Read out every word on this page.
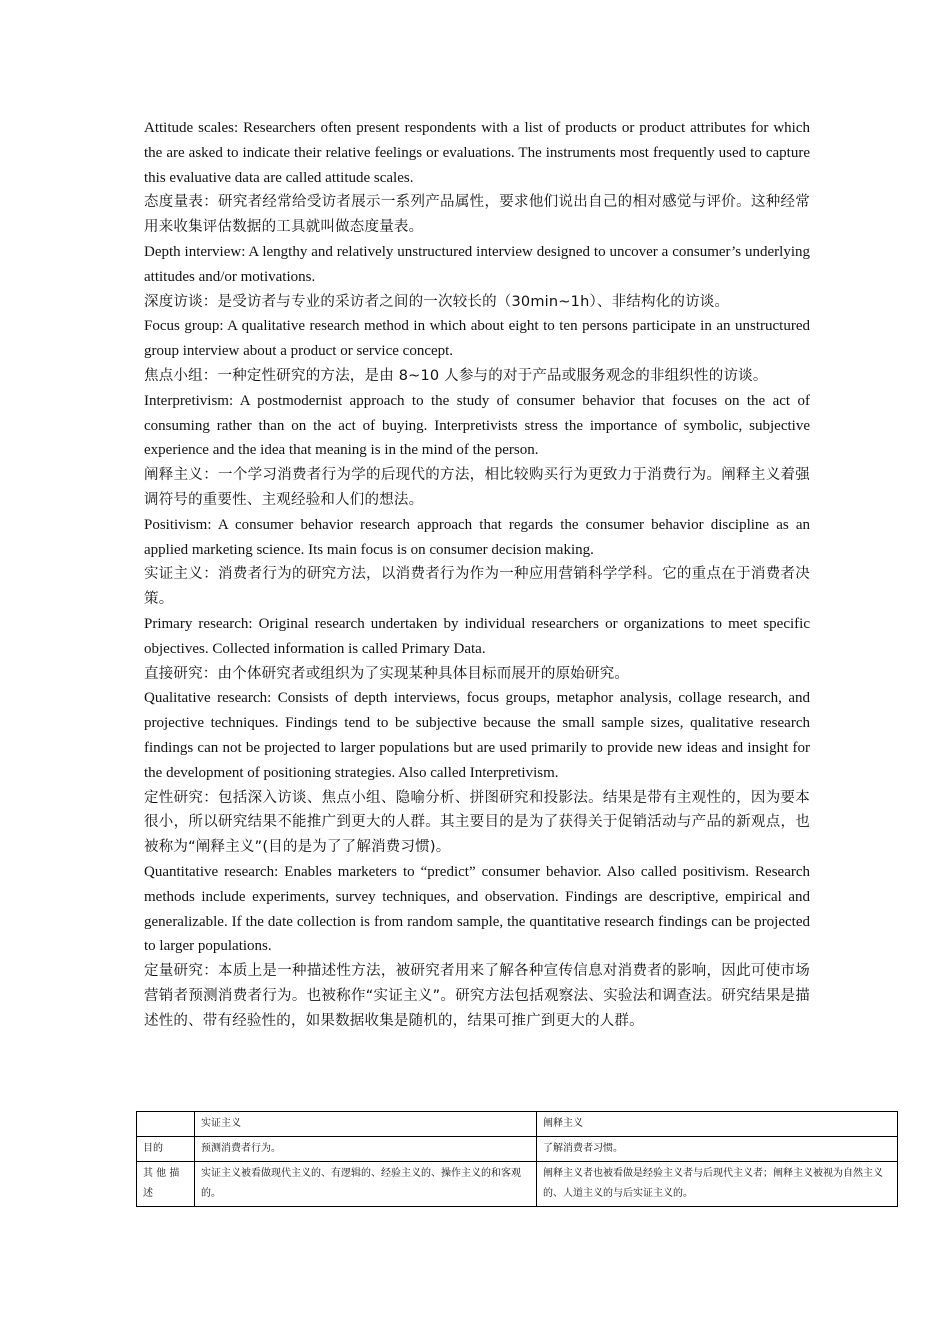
Attitude scales: Researchers often present respondents with a list of products or product attributes for which the are asked to indicate their relative feelings or evaluations. The instruments most frequently used to capture this evaluative data are called attitude scales.

态度量表：研究者经常给受访者展示一系列产品属性，要求他们说出自己的相对感觉与评价。这种经常用来收集评估数据的工具就叫做态度量表。

Depth interview: A lengthy and relatively unstructured interview designed to uncover a consumer’s underlying attitudes and/or motivations.

深度访谈：是受访者与专业的采访者之间的一次较长的（30min~1h）、非结构化的访谈。

Focus group: A qualitative research method in which about eight to ten persons participate in an unstructured group interview about a product or service concept.

焦点小组：一种定性研究的方法，是由 8~10 人参与的对于产品或服务观念的非组织性的访谈。

Interpretivism: A postmodernist approach to the study of consumer behavior that focuses on the act of consuming rather than on the act of buying. Interpretivists stress the importance of symbolic, subjective experience and the idea that meaning is in the mind of the person.

阐释主义：一个学习消费者行为学的后现代的方法，相比较购买行为更致力于消费行为。阐释主义着强调符号的重要性、主观经验和人们的想法。

Positivism: A consumer behavior research approach that regards the consumer behavior discipline as an applied marketing science. Its main focus is on consumer decision making.

实证主义：消费者行为的研究方法，以消费者行为作为一种应用营销科学学科。它的重点在于消费者决策。

Primary research: Original research undertaken by individual researchers or organizations to meet specific objectives. Collected information is called Primary Data.

直接研究：由个体研究者或组织为了实现某种具体目标而展开的原始研究。

Qualitative research: Consists of depth interviews, focus groups, metaphor analysis, collage research, and projective techniques. Findings tend to be subjective because the small sample sizes, qualitative research findings can not be projected to larger populations but are used primarily to provide new ideas and insight for the development of positioning strategies. Also called Interpretivism.

定性研究：包括深入访谈、焦点小组、隐喻分析、拼图研究和投影法。结果是带有主观性的，因为要本很小，所以研究结果不能推广到更大的人群。其主要目的是为了获得关于促销活动与产品的新观点，也被称为“阐释主义”(目的是为了了解消费习惯)。

Quantitative research: Enables marketers to “predict” consumer behavior. Also called positivism. Research methods include experiments, survey techniques, and observation. Findings are descriptive, empirical and generalizable. If the date collection is from random sample, the quantitative research findings can be projected to larger populations.

定量研究：本质上是一种描述性方法，被研究者用来了解各种宣传信息对消费者的影响，因此可使市场营销者预测消费者行为。也被称作“实证主义”。研究方法包括观察法、实验法和调查法。研究结果是描述性的、带有经验性的，如果数据收集是随机的，结果可推广到更大的人群。

	实证主义	阐释主义
目的	预测消费者行为。	了解消费者习惯。
其 他 描述	实证主义被看做现代主义的、有逻辑的、经验主义的、操作主义的和客观的。	阐释主义者也被看做是经验主义者与后现代主义者；阐释主义被视为自然主义的、人道主义的与后实证主义的。
